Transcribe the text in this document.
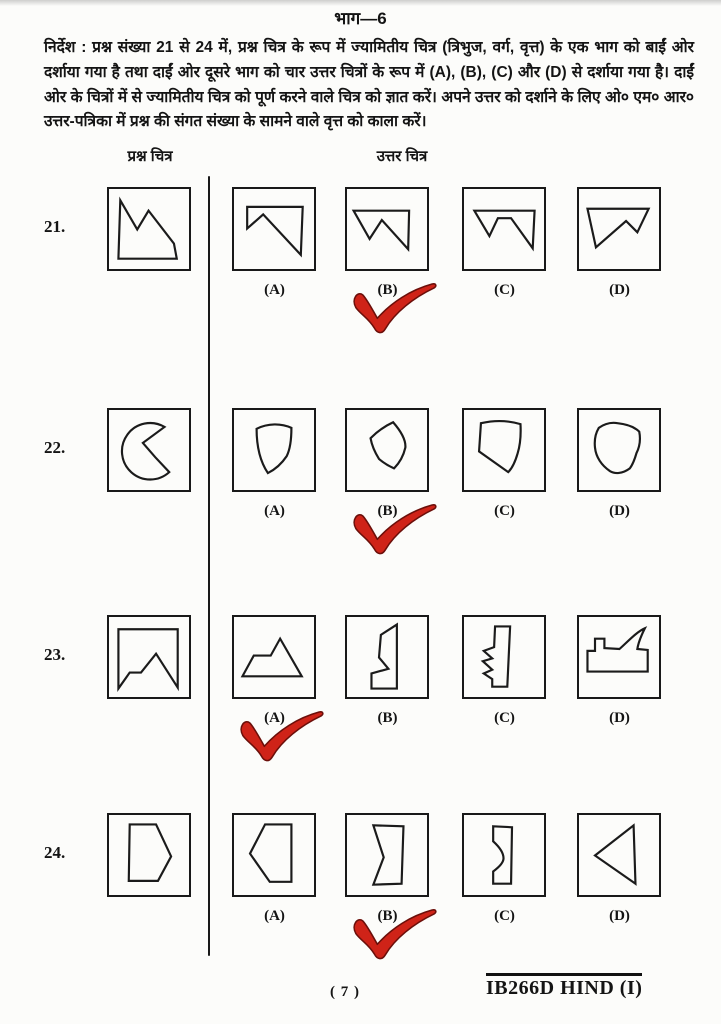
भाग—6

निर्देश : प्रश्न संख्या 21 से 24 में, प्रश्न चित्र के रूप में ज्यामितीय चित्र (त्रिभुज, वर्ग, वृत्त) के एक भाग को बाईं ओर दर्शाया गया है तथा दाईं ओर दूसरे भाग को चार उत्तर चित्रों के रूप में (A), (B), (C) और (D) से दर्शाया गया है। दाईं ओर के चित्रों में से ज्यामितीय चित्र को पूर्ण करने वाले चित्र को ज्ञात करें। अपने उत्तर को दर्शाने के लिए ओ० एम० आर० उत्तर-पत्रिका में प्रश्न की संगत संख्या के सामने वाले वृत्त को काला करें।

प्रश्न चित्र	उत्तर चित्र
21.
(A)	(B)	(C)	(D)
22.
(A)	(B)	(C)	(D)
23.
(A)	(B)	(C)	(D)
24.
(A)	(B)	(C)	(D)
( 7 )	IB266D HIND (I)
